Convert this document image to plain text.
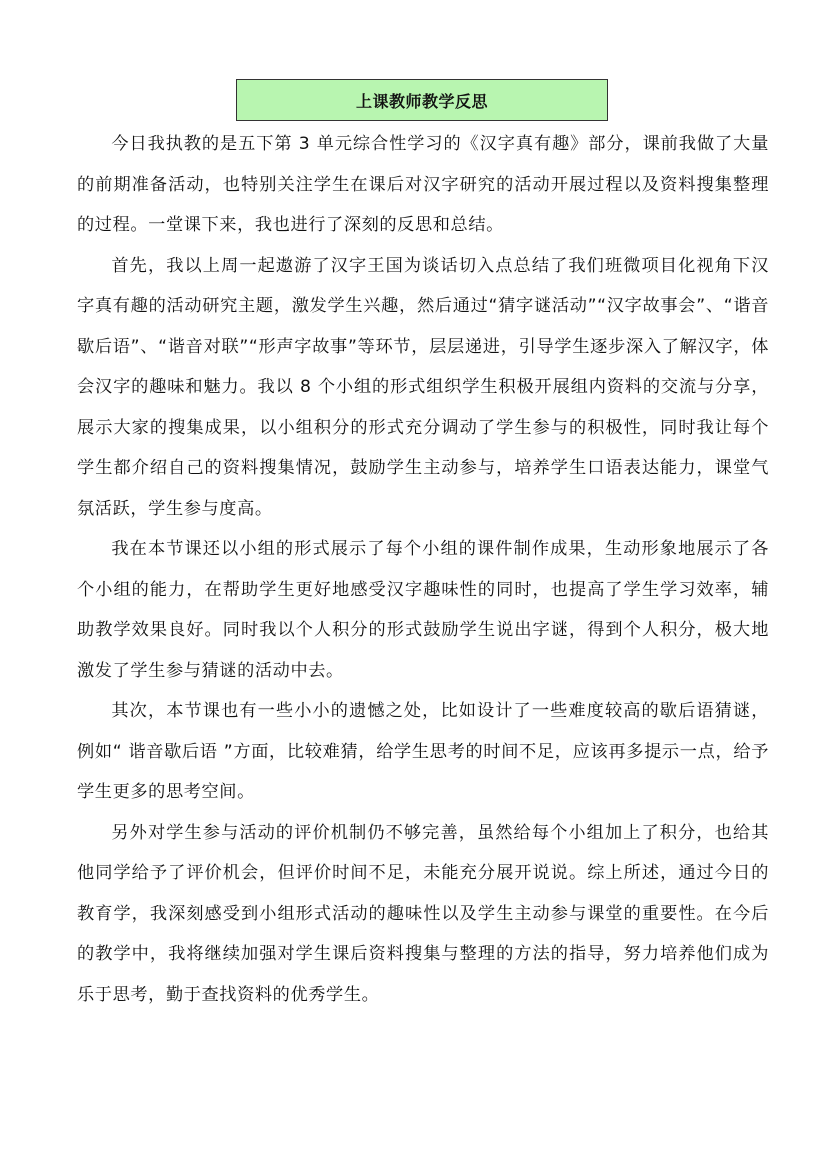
上课教师教学反思

今日我执教的是五下第 3 单元综合性学习的《汉字真有趣》部分，课前我做了大量的前期准备活动，也特别关注学生在课后对汉字研究的活动开展过程以及资料搜集整理的过程。一堂课下来，我也进行了深刻的反思和总结。

首先，我以上周一起遨游了汉字王国为谈话切入点总结了我们班微项目化视角下汉字真有趣的活动研究主题，激发学生兴趣，然后通过“猜字谜活动”“汉字故事会”、“谐音歇后语”、“谐音对联”“形声字故事”等环节，层层递进，引导学生逐步深入了解汉字，体会汉字的趣味和魅力。我以 8 个小组的形式组织学生积极开展组内资料的交流与分享，展示大家的搜集成果，以小组积分的形式充分调动了学生参与的积极性，同时我让每个学生都介绍自己的资料搜集情况，鼓励学生主动参与，培养学生口语表达能力，课堂气氛活跃，学生参与度高。

我在本节课还以小组的形式展示了每个小组的课件制作成果，生动形象地展示了各个小组的能力，在帮助学生更好地感受汉字趣味性的同时，也提高了学生学习效率，辅助教学效果良好。同时我以个人积分的形式鼓励学生说出字谜，得到个人积分，极大地激发了学生参与猜谜的活动中去。

其次，本节课也有一些小小的遗憾之处，比如设计了一些难度较高的歇后语猜谜，例如“ 谐音歇后语 ”方面，比较难猜，给学生思考的时间不足，应该再多提示一点，给予学生更多的思考空间。

另外对学生参与活动的评价机制仍不够完善，虽然给每个小组加上了积分，也给其他同学给予了评价机会，但评价时间不足，未能充分展开说说。综上所述，通过今日的教育学，我深刻感受到小组形式活动的趣味性以及学生主动参与课堂的重要性。在今后的教学中，我将继续加强对学生课后资料搜集与整理的方法的指导，努力培养他们成为乐于思考，勤于查找资料的优秀学生。
